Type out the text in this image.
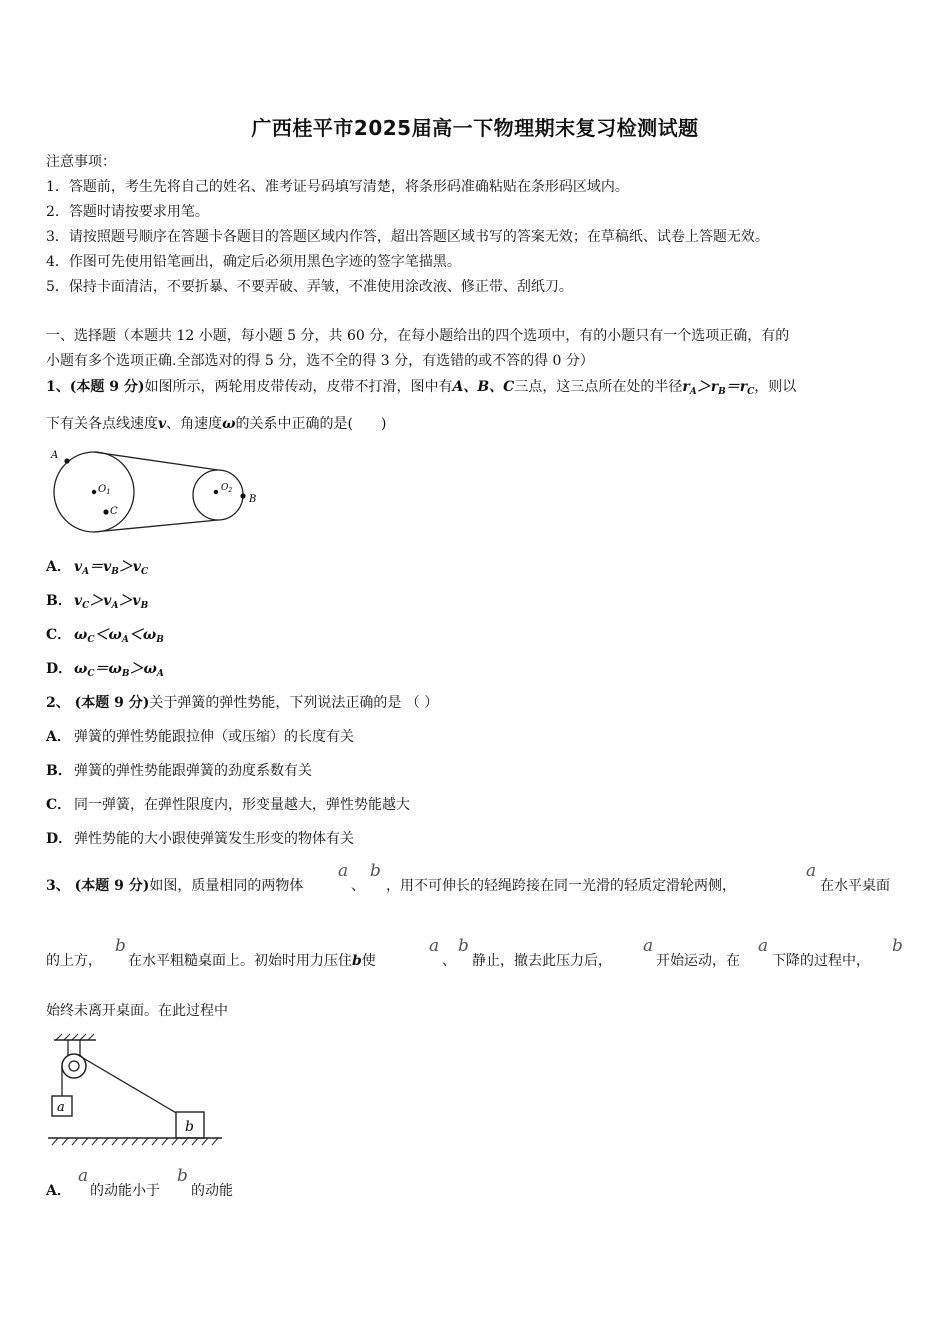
广西桂平市2025届高一下物理期末复习检测试题
注意事项：
1．答题前，考生先将自己的姓名、准考证号码填写清楚，将条形码准确粘贴在条形码区域内。
2．答题时请按要求用笔。
3．请按照题号顺序在答题卡各题目的答题区域内作答，超出答题区域书写的答案无效；在草稿纸、试卷上答题无效。
4．作图可先使用铅笔画出，确定后必须用黑色字迹的签字笔描黑。
5．保持卡面清洁，不要折暴、不要弄破、弄皱，不准使用涂改液、修正带、刮纸刀。
一、选择题（本题共 12 小题，每小题 5 分，共 60 分，在每小题给出的四个选项中，有的小题只有一个选项正确，有的
小题有多个选项正确.全部选对的得 5 分，选不全的得 3 分，有选错的或不答的得 0 分）
1、(本题 9 分)如图所示，两轮用皮带传动，皮带不打滑，图中有A、B、C三点，这三点所在处的半径$r_A>r_B=r_C$，则以
下有关各点线速度v、角速度ω的关系中正确的是(　　)
A
$O_1$
C
$O_2$
B
A． $v_A=v_B>v_C$
B． $v_C>v_A>v_B$
C． $\omega_C<\omega_A<\omega_B$
D． $\omega_C=\omega_B>\omega_A$
2、 (本题 9 分)关于弹簧的弹性势能，下列说法正确的是 （ ）
A． 弹簧的弹性势能跟拉伸（或压缩）的长度有关
B． 弹簧的弹性势能跟弹簧的劲度系数有关
C． 同一弹簧，在弹性限度内，形变量越大，弹性势能越大
D． 弹性势能的大小跟使弹簧发生形变的物体有关
3、 (本题 9 分)如图，质量相同的两物体
a
、
b
，用不可伸长的轻绳跨接在同一光滑的轻质定滑轮两侧，
a
在水平桌面
的上方，
b
在水平粗糙桌面上。初始时用力压住b使
a
、
b
静止，撤去此压力后，
a
开始运动，在
a
下降的过程中，
b
始终未离开桌面。在此过程中
a
b
A．
a
的动能小于
b
的动能
